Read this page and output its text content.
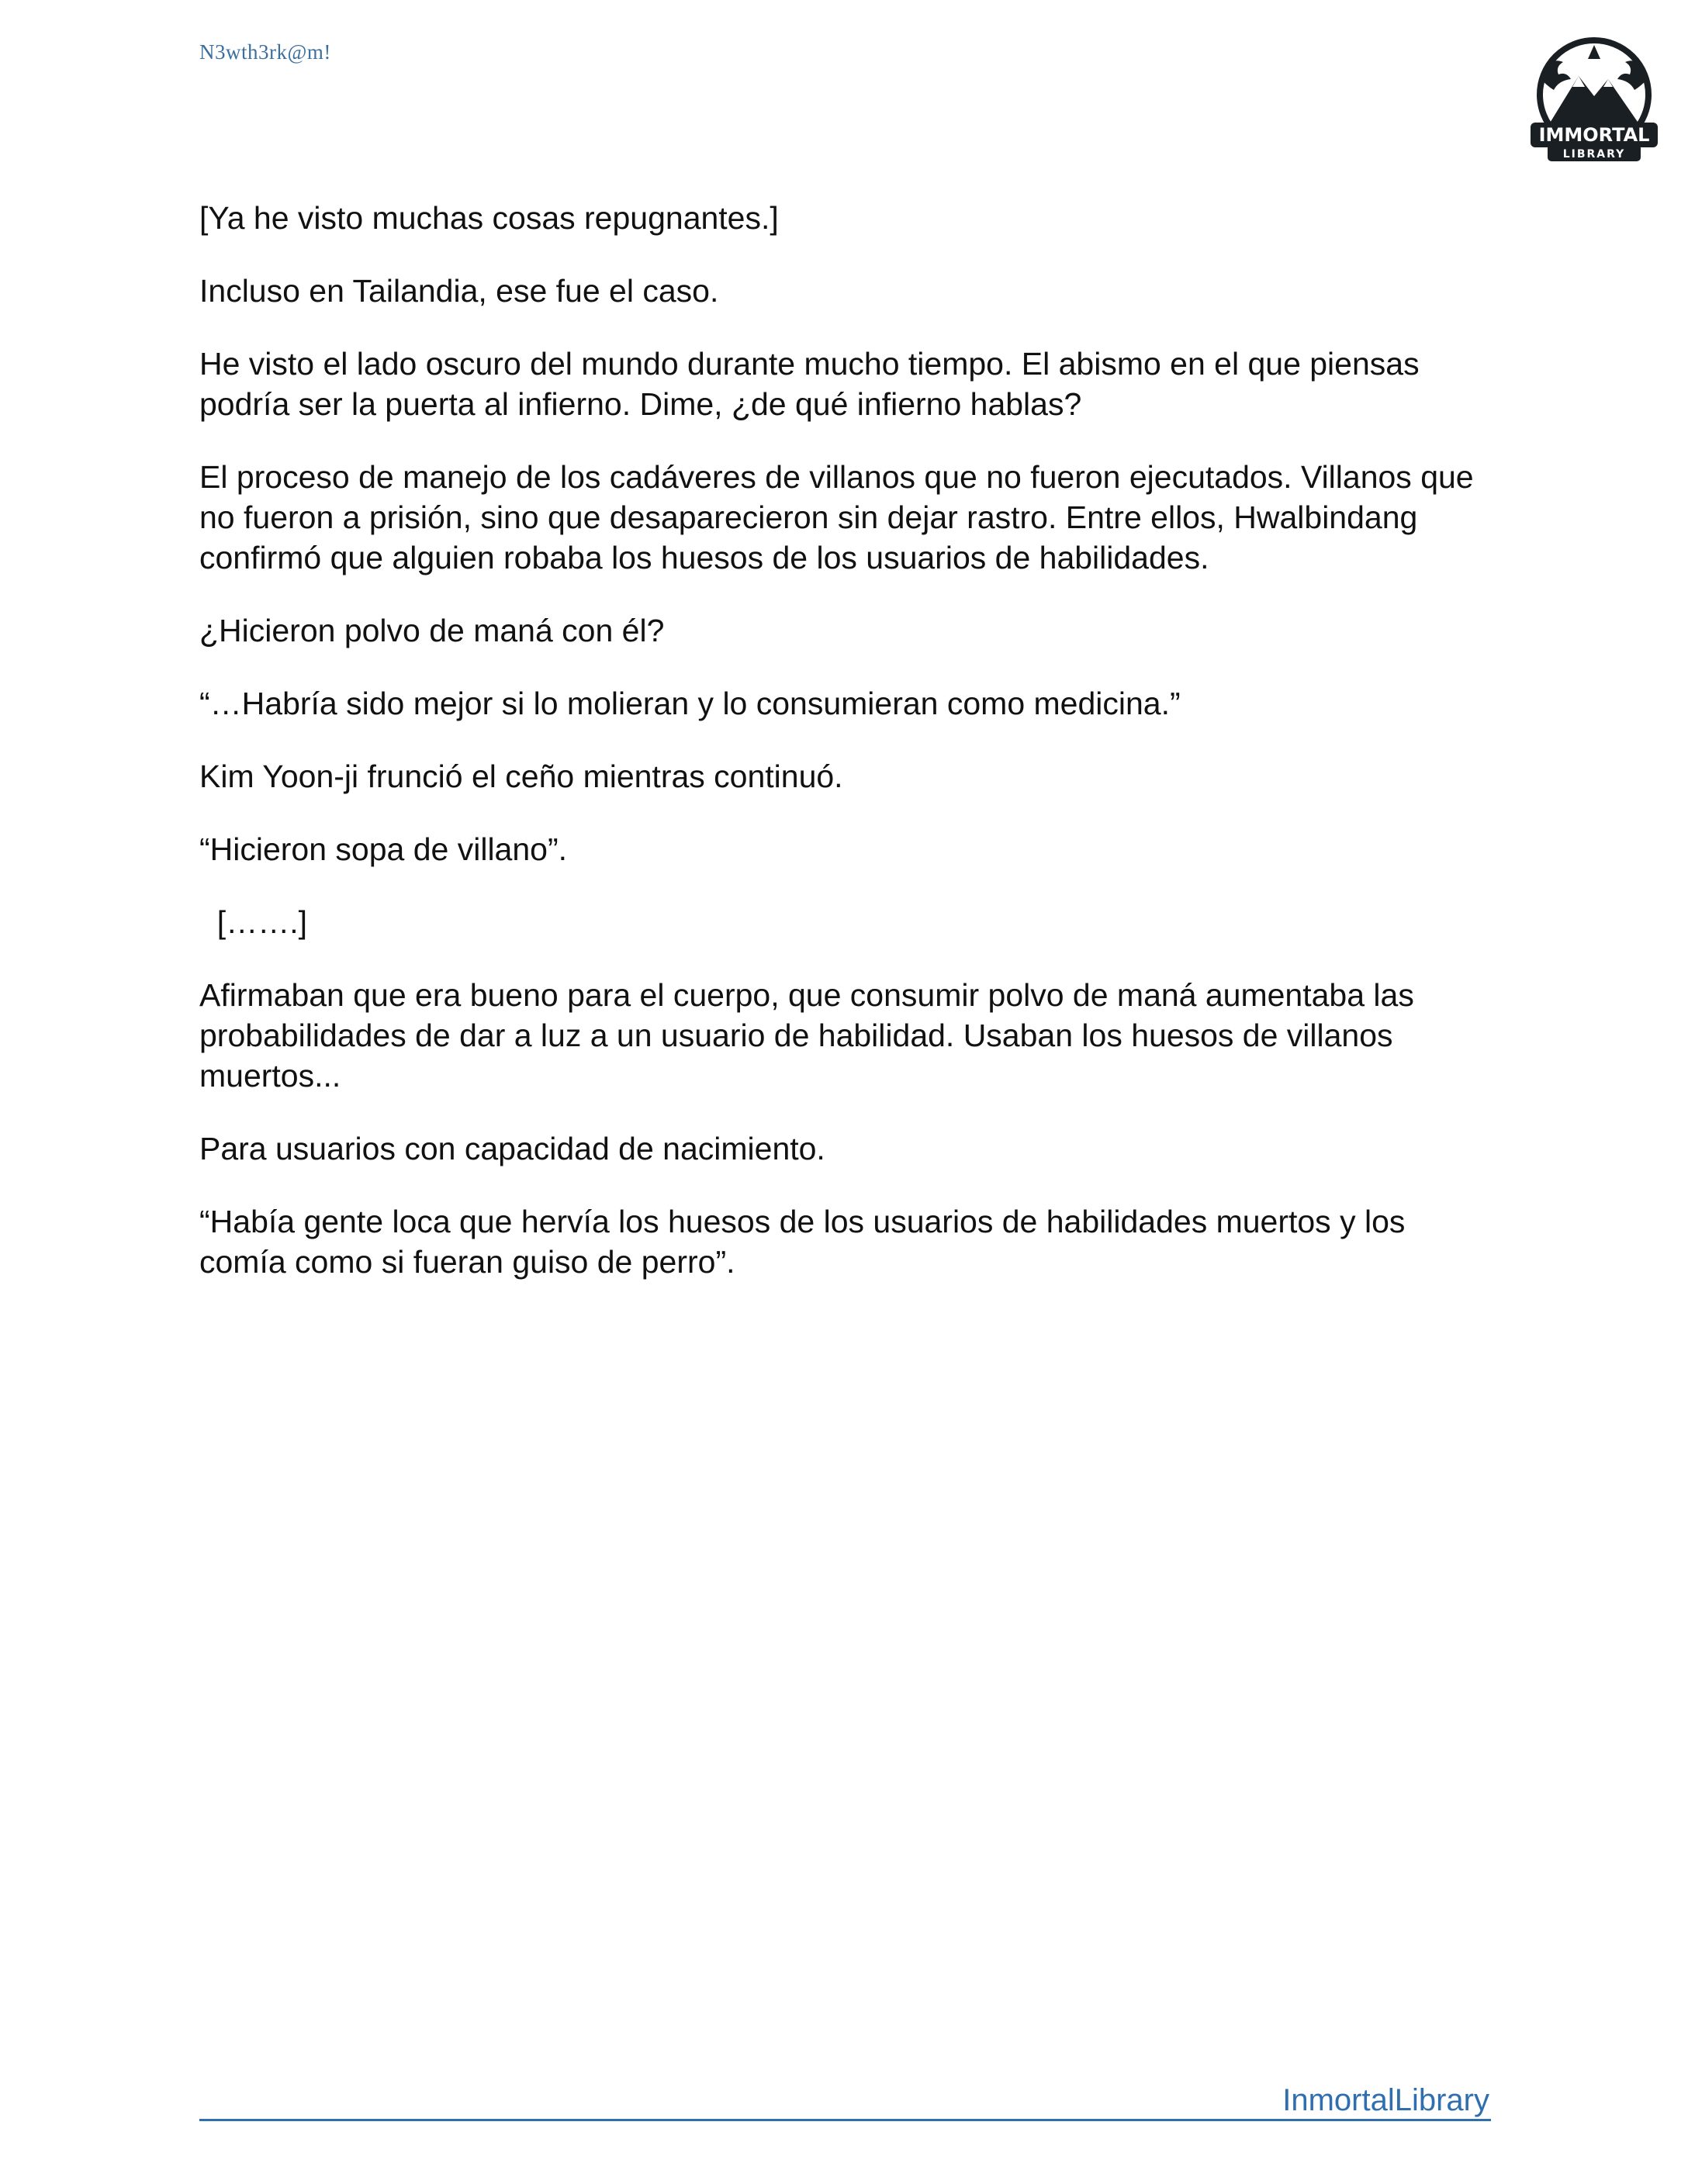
N3wth3rk@m!
IMMORTAL
LIBRARY

[Ya he visto muchas cosas repugnantes.]

Incluso en Tailandia, ese fue el caso.

He visto el lado oscuro del mundo durante mucho tiempo. El abismo en el que piensas podría ser la puerta al infierno. Dime, ¿de qué infierno hablas?

El proceso de manejo de los cadáveres de villanos que no fueron ejecutados. Villanos que no fueron a prisión, sino que desaparecieron sin dejar rastro. Entre ellos, Hwalbindang confirmó que alguien robaba los huesos de los usuarios de habilidades.

¿Hicieron polvo de maná con él?

“…Habría sido mejor si lo molieran y lo consumieran como medicina.”

Kim Yoon-ji frunció el ceño mientras continuó.

“Hicieron sopa de villano”.

[…….]

Afirmaban que era bueno para el cuerpo, que consumir polvo de maná aumentaba las probabilidades de dar a luz a un usuario de habilidad. Usaban los huesos de villanos muertos...

Para usuarios con capacidad de nacimiento.

“Había gente loca que hervía los huesos de los usuarios de habilidades muertos y los comía como si fueran guiso de perro”.

InmortalLibrary
